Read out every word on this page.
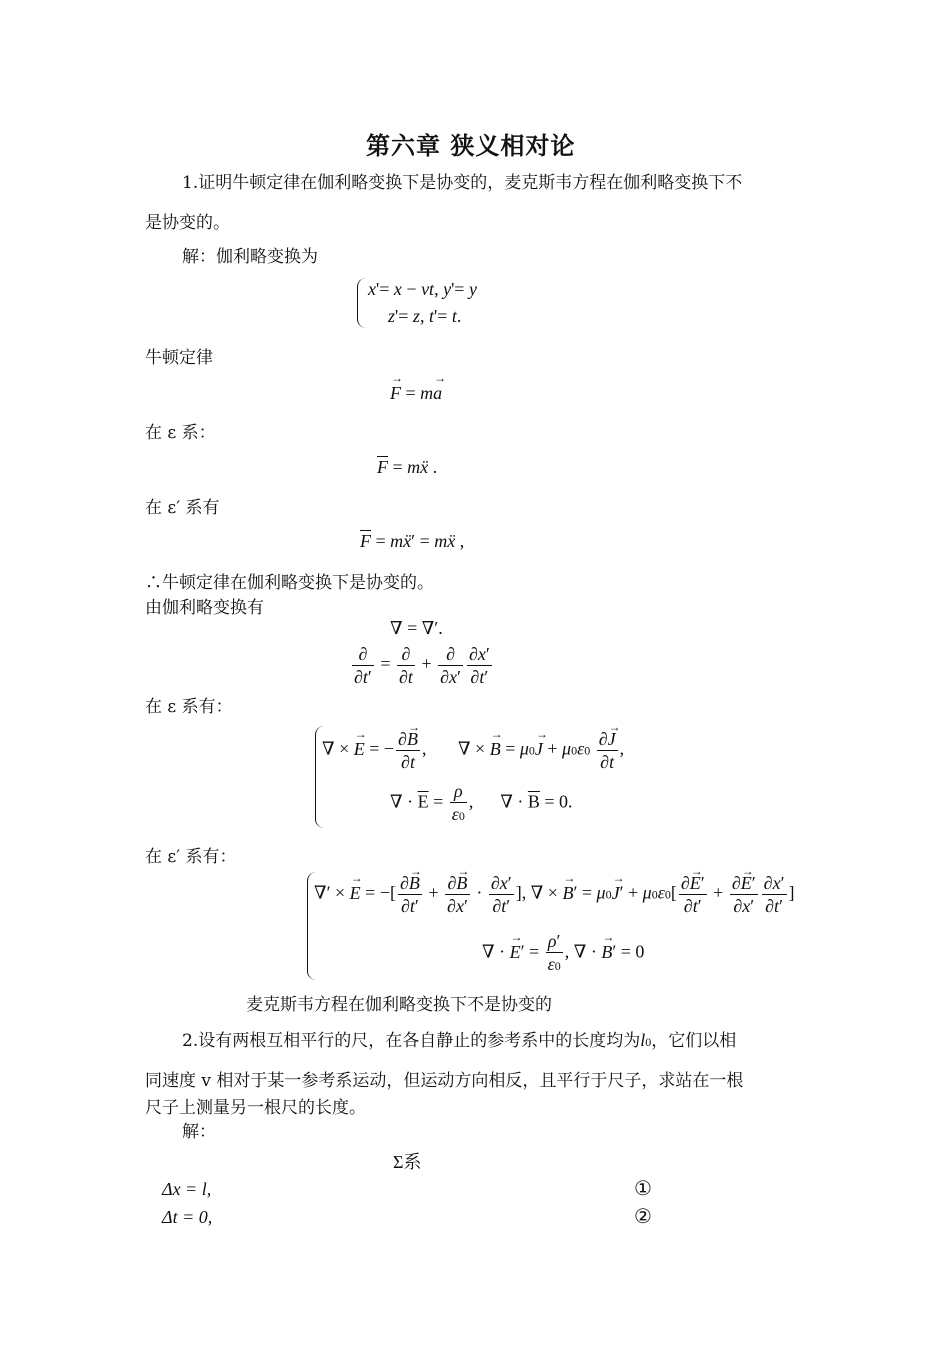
第六章 狭义相对论
1.证明牛顿定律在伽利略变换下是协变的，麦克斯韦方程在伽利略变换下不
是协变的。
解：伽利略变换为
x'= x − vt, y'= y
z'= z, t'= t.
牛顿定律
→ F = m→ a
在 ε 系：
$\overline{F}$ = mẍ .
在 ε′ 系有
$\overline{F}$ = mẍ′ = mẍ ,
∴牛顿定律在伽利略变换下是协变的。
由伽利略变换有
∇ = ∇′.
$\frac{\partial}{\partial t'} = \frac{\partial}{\partial t} + \frac{\partial}{\partial x'} \frac{\partial x'}{\partial t'}$
在 ε 系有：
∇ × → E = − $\frac{\partial\to B}{\partial t}$ ,       ∇ × → $B = \mu 0\to J + \mu 0\varepsilon 0 \frac{\partial\to J}{\partial t}$ ,
∇ · $\overline{E} = \frac{\rho}{\varepsilon 0}$ ,      ∇ · $\overline{B} = 0$.
在 ε′ 系有：
∇′ × → E = −[ $\frac{\partial\to B}{\partial t'} + \frac{\partial\to B}{\partial x'} \cdot \frac{\partial x'}{\partial t'}$ ], ∇ × → $B' = \mu 0\to J' + \mu 0\varepsilon 0[ \frac{\partial\to E'}{\partial t'} + \frac{\partial\to E'}{\partial x'} \frac{\partial x'}{\partial t'}$ ]
∇ · → $E' = \frac{\rho'}{\varepsilon 0}$ , ∇ · → B′ = 0
麦克斯韦方程在伽利略变换下不是协变的
2.设有两根互相平行的尺，在各自静止的参考系中的长度均为l0，它们以相
同速度 v 相对于某一参考系运动，但运动方向相反，且平行于尺子，求站在一根
尺子上测量另一根尺的长度。
解：
Σ系
Δx = l,	①
Δt = 0,	②
